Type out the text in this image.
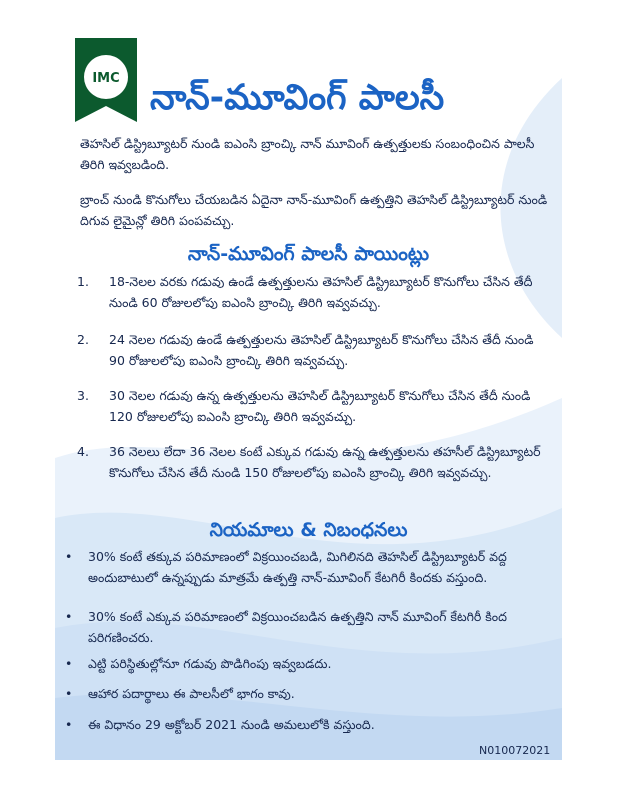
IMC నాన్-మూవింగ్ పాలసీ
తెహసిల్ డిస్ట్రిబ్యూటర్ నుండి ఐఎంసి బ్రాంచ్కి నాన్ మూవింగ్ ఉత్పత్తులకు సంబంధించిన పాలసీ తిరిగి ఇవ్వబడింది.
బ్రాంచ్ నుండి కొనుగోలు చేయబడిన ఏదైనా నాన్-మూవింగ్ ఉత్పత్తిని తెహసిల్ డిస్ట్రిబ్యూటర్ నుండి దిగువ లైమైన్లో తిరిగి పంపవచ్చు.
నాన్-మూవింగ్ పాలసీ పాయింట్లు
1.	18-నెలల వరకు గడువు ఉండే ఉత్పత్తులను తెహసిల్ డిస్ట్రిబ్యూటర్ కొనుగోలు చేసిన తేదీ నుండి 60 రోజులలోపు ఐఎంసి బ్రాంచ్కి తిరిగి ఇవ్వవచ్చు.
2.	24 నెలల గడువు ఉండే ఉత్పత్తులను తెహసిల్ డిస్ట్రిబ్యూటర్ కొనుగోలు చేసిన తేదీ నుండి 90 రోజులలోపు ఐఎంసి బ్రాంచ్కి తిరిగి ఇవ్వవచ్చు.
3.	30 నెలల గడువు ఉన్న ఉత్పత్తులను తెహసిల్ డిస్ట్రిబ్యూటర్ కొనుగోలు చేసిన తేదీ నుండి 120 రోజులలోపు ఐఎంసి బ్రాంచ్కి తిరిగి ఇవ్వవచ్చు.
4.	36 నెలలు లేదా 36 నెలల కంటే ఎక్కువ గడువు ఉన్న ఉత్పత్తులను తహసీల్ డిస్ట్రిబ్యూటర్ కొనుగోలు చేసిన తేదీ నుండి 150 రోజులలోపు ఐఎంసి బ్రాంచ్కి తిరిగి ఇవ్వవచ్చు.
నియమాలు & నిబంధనలు
•	30% కంటే తక్కువ పరిమాణంలో విక్రయించబడి, మిగిలినది తెహసిల్ డిస్ట్రిబ్యూటర్ వద్ద అందుబాటులో ఉన్నప్పుడు మాత్రమే ఉత్పత్తి నాన్-మూవింగ్ కేటగిరీ కిందకు వస్తుంది.
•	30% కంటే ఎక్కువ పరిమాణంలో విక్రయించబడిన ఉత్పత్తిని నాన్ మూవింగ్ కేటగిరీ కింద పరిగణించరు.
•	ఎట్టి పరిస్థితుల్లోనూ గడువు పొడిగింపు ఇవ్వబడదు.
•	ఆహార పదార్థాలు ఈ పాలసీలో భాగం కావు.
•	ఈ విధానం 29 అక్టోబర్ 2021 నుండి అమలులోకి వస్తుంది.
N010072021
